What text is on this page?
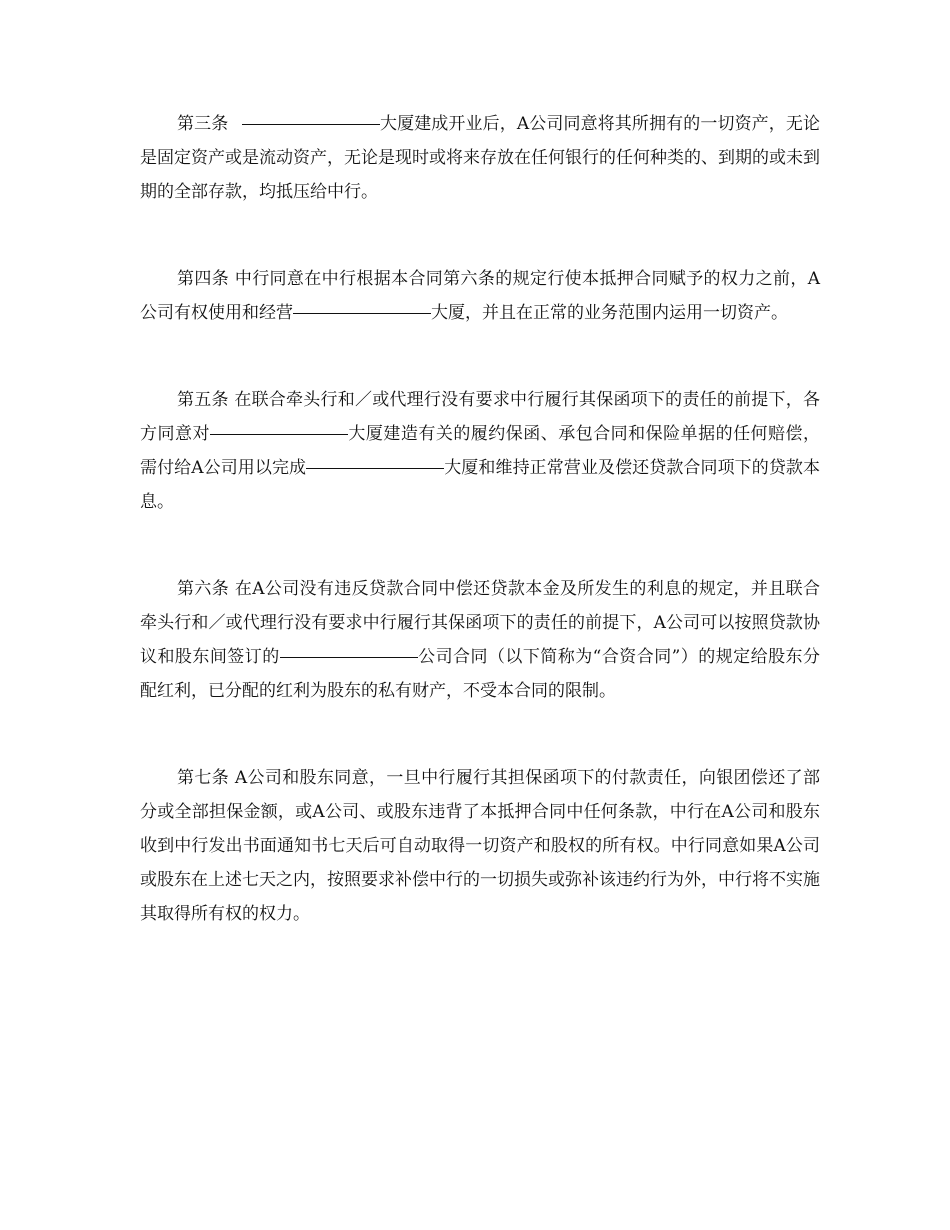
第三条	大厦建成开业后，A公司同意将其所拥有的一切资产，无论是固定资产或是流动资产，无论是现时或将来存放在任何银行的任何种类的、到期的或未到期的全部存款，均抵压给中行。

第四条 中行同意在中行根据本合同第六条的规定行使本抵押合同赋予的权力之前，A公司有权使用和经营	大厦，并且在正常的业务范围内运用一切资产。

第五条 在联合牵头行和／或代理行没有要求中行履行其保函项下的责任的前提下，各方同意对	大厦建造有关的履约保函、承包合同和保险单据的任何赔偿，需付给A公司用以完成	大厦和维持正常营业及偿还贷款合同项下的贷款本息。

第六条 在A公司没有违反贷款合同中偿还贷款本金及所发生的利息的规定，并且联合牵头行和／或代理行没有要求中行履行其保函项下的责任的前提下，A公司可以按照贷款协议和股东间签订的	公司合同（以下简称为“合资合同”）的规定给股东分配红利，已分配的红利为股东的私有财产，不受本合同的限制。

第七条 A公司和股东同意，一旦中行履行其担保函项下的付款责任，向银团偿还了部分或全部担保金额，或A公司、或股东违背了本抵押合同中任何条款，中行在A公司和股东收到中行发出书面通知书七天后可自动取得一切资产和股权的所有权。中行同意如果A公司或股东在上述七天之内，按照要求补偿中行的一切损失或弥补该违约行为外，中行将不实施其取得所有权的权力。
